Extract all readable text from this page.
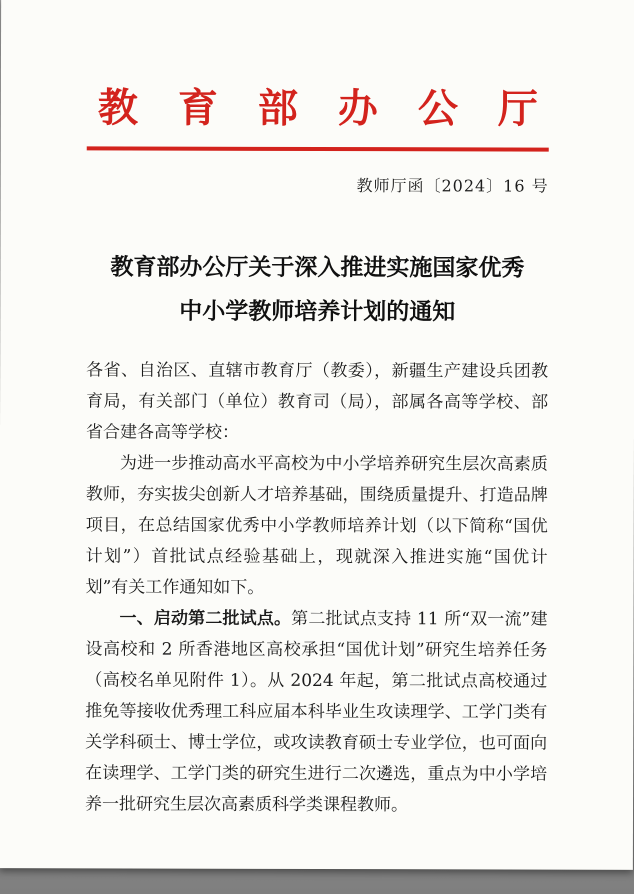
教　育　部　办　公　厅
教师厅函〔2024〕16 号
教育部办公厅关于深入推进实施国家优秀
中小学教师培养计划的通知

各省、自治区、直辖市教育厅（教委），新疆生产建设兵团教育局，有关部门（单位）教育司（局），部属各高等学校、部省合建各高等学校：

为进一步推动高水平高校为中小学培养研究生层次高素质教师，夯实拔尖创新人才培养基础，围绕质量提升、打造品牌项目，在总结国家优秀中小学教师培养计划（以下简称“国优计划”）首批试点经验基础上，现就深入推进实施“国优计划”有关工作通知如下。

一、启动第二批试点。第二批试点支持 11 所“双一流”建设高校和 2 所香港地区高校承担“国优计划”研究生培养任务（高校名单见附件 1）。从 2024 年起，第二批试点高校通过推免等接收优秀理工科应届本科毕业生攻读理学、工学门类有关学科硕士、博士学位，或攻读教育硕士专业学位，也可面向在读理学、工学门类的研究生进行二次遴选，重点为中小学培养一批研究生层次高素质科学类课程教师。
